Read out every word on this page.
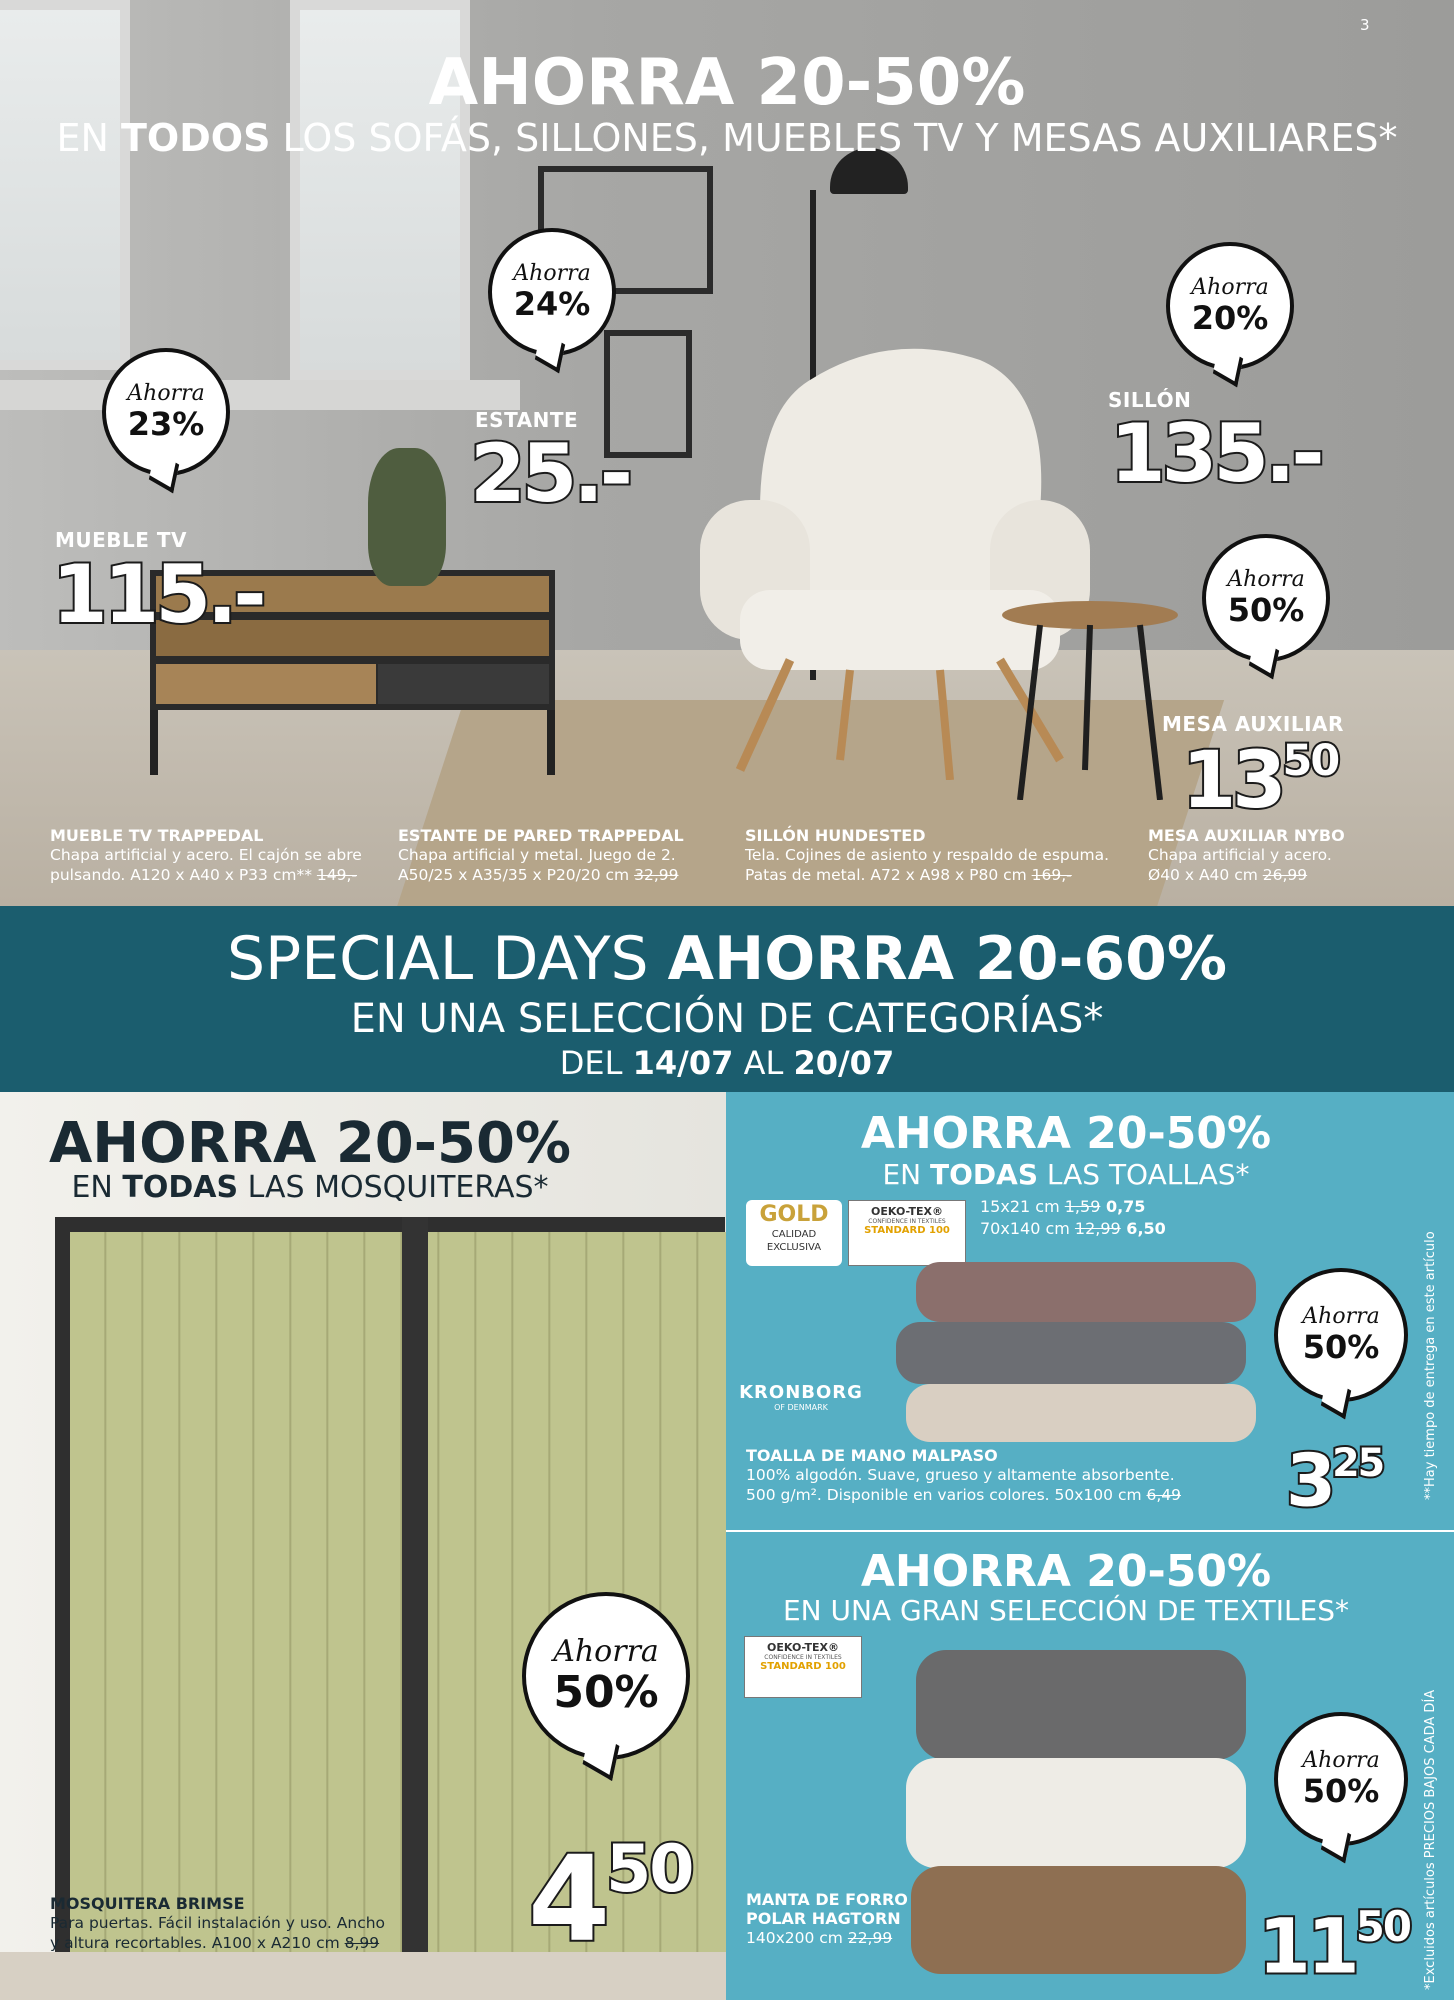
AHORRA 20-50%
EN TODOS LOS SOFÁS, SILLONES, MUEBLES TV Y MESAS AUXILIARES*
3
Ahorra
23%
MUEBLE TV
115.-
Ahorra
24%
ESTANTE
25.-
Ahorra
20%
SILLÓN
135.-
Ahorra
50%
MESA AUXILIAR
$13^{50}$
MUEBLE TV TRAPPEDAL
Chapa artificial y acero. El cajón se abre
pulsando. A120 x A40 x P33 cm** 149,-
ESTANTE DE PARED TRAPPEDAL
Chapa artificial y metal. Juego de 2.
A50/25 x A35/35 x P20/20 cm 32,99
SILLÓN HUNDESTED
Tela. Cojines de asiento y respaldo de espuma.
Patas de metal. A72 x A98 x P80 cm 169,-
MESA AUXILIAR NYBO
Chapa artificial y acero.
Ø40 x A40 cm 26,99
SPECIAL DAYS AHORRA 20-60%
EN UNA SELECCIÓN DE CATEGORÍAS*
DEL 14/07 AL 20/07
AHORRA 20-50%
EN TODAS LAS MOSQUITERAS*
Ahorra
50%
$4^{50}$
MOSQUITERA BRIMSE
Para puertas. Fácil instalación y uso. Ancho
y altura recortables. A100 x A210 cm 8,99
AHORRA 20-50%
EN TODAS LAS TOALLAS*
GOLD
CALIDAD
EXCLUSIVA
OEKO-TEX®
CONFIDENCE IN TEXTILES
STANDARD 100
15x21 cm 1,59 0,75
70x140 cm 12,99 6,50
KRONBORG
OF DENMARK
Ahorra
50%
$3^{25}$
TOALLA DE MANO MALPASO
100% algodón. Suave, grueso y altamente absorbente.
500 g/m². Disponible en varios colores. 50x100 cm 6,49
AHORRA 20-50%
EN UNA GRAN SELECCIÓN DE TEXTILES*
OEKO-TEX®
CONFIDENCE IN TEXTILES
STANDARD 100
Ahorra
50%
$11^{50}$
MANTA DE FORRO
POLAR HAGTORN
140x200 cm 22,99
**Hay tiempo de entrega en este artículo
*Excluidos artículos PRECIOS BAJOS CADA DÍA
